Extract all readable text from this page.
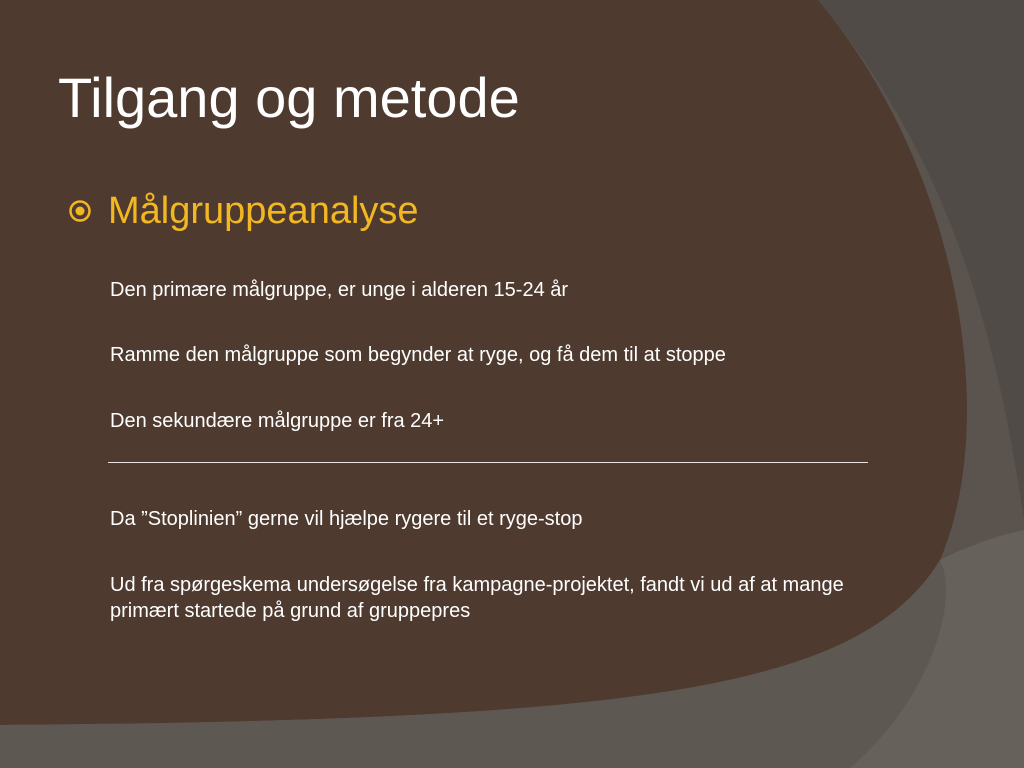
Tilgang og metode
Målgruppeanalyse

Den primære målgruppe, er unge i alderen 15-24 år

Ramme den målgruppe som begynder at ryge, og få dem til at stoppe

Den sekundære målgruppe er fra 24+

Da ”Stoplinien” gerne vil hjælpe rygere til et ryge-stop

Ud fra spørgeskema undersøgelse fra kampagne-projektet, fandt vi ud af at mange primært startede på grund af gruppepres
